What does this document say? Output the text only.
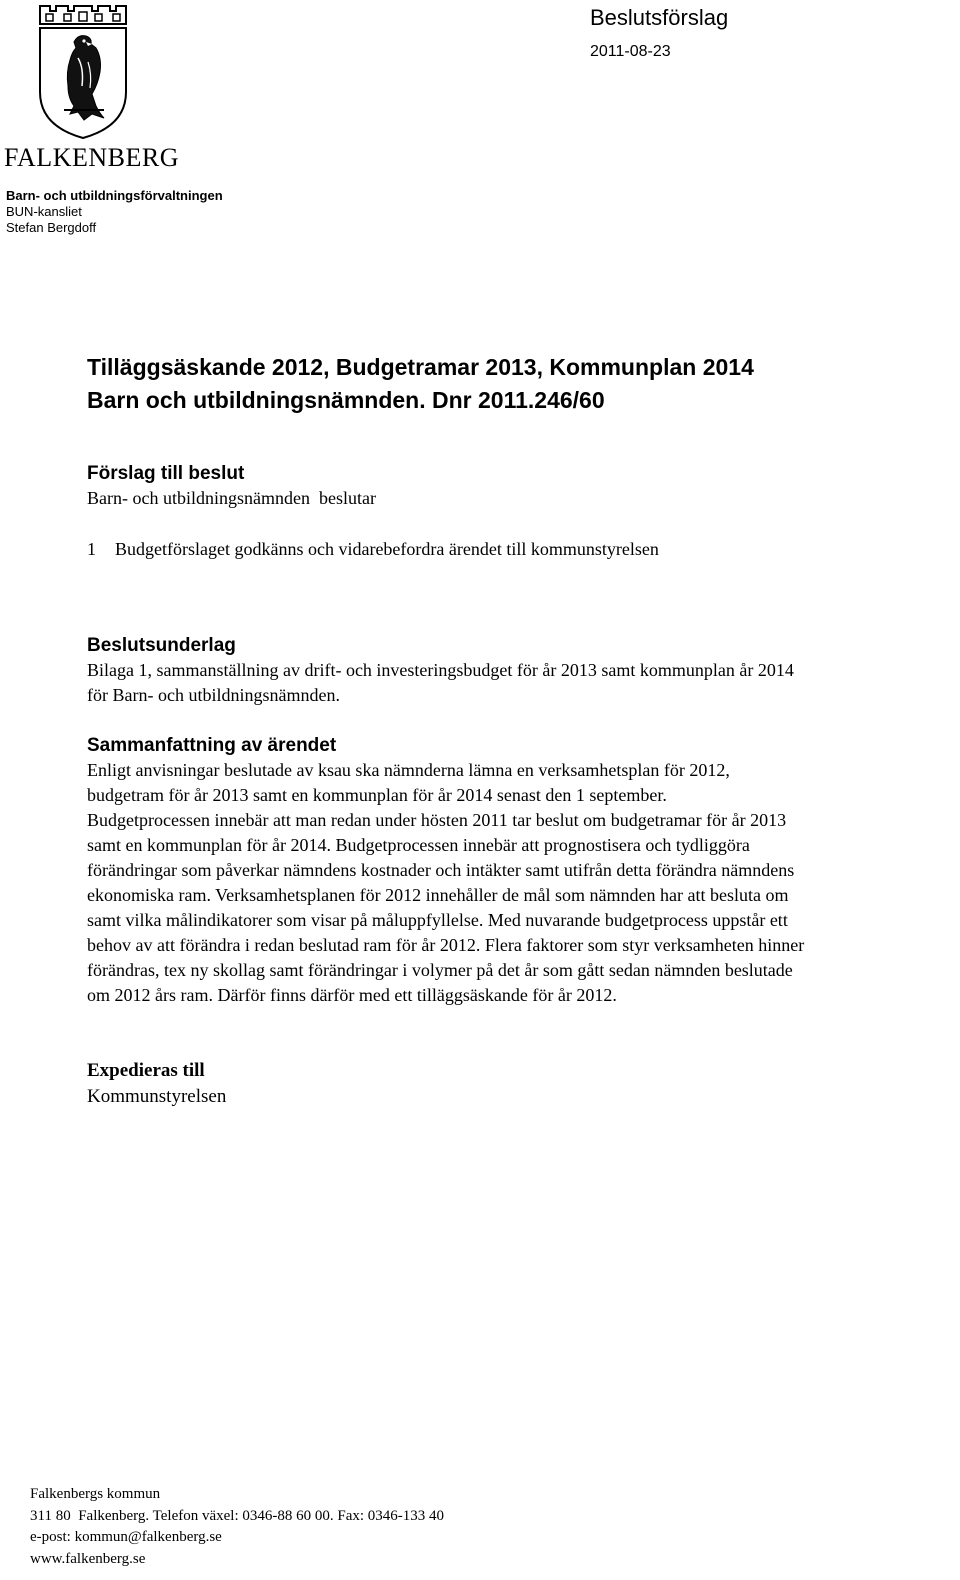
FALKENBERG
Beslutsförslag
2011-08-23
Barn- och utbildningsförvaltningen
BUN-kansliet
Stefan Bergdoff
Tilläggsäskande 2012, Budgetramar 2013, Kommunplan 2014
Barn och utbildningsnämnden. Dnr 2011.246/60
Förslag till beslut
Barn- och utbildningsnämnden  beslutar
1 Budgetförslaget godkänns och vidarebefordra ärendet till kommunstyrelsen
Beslutsunderlag
Bilaga 1, sammanställning av drift- och investeringsbudget för år 2013 samt kommunplan år 2014
för Barn- och utbildningsnämnden.
Sammanfattning av ärendet
Enligt anvisningar beslutade av ksau ska nämnderna lämna en verksamhetsplan för 2012,
budgetram för år 2013 samt en kommunplan för år 2014 senast den 1 september.
Budgetprocessen innebär att man redan under hösten 2011 tar beslut om budgetramar för år 2013
samt en kommunplan för år 2014. Budgetprocessen innebär att prognostisera och tydliggöra
förändringar som påverkar nämndens kostnader och intäkter samt utifrån detta förändra nämndens
ekonomiska ram. Verksamhetsplanen för 2012 innehåller de mål som nämnden har att besluta om
samt vilka målindikatorer som visar på måluppfyllelse. Med nuvarande budgetprocess uppstår ett
behov av att förändra i redan beslutad ram för år 2012. Flera faktorer som styr verksamheten hinner
förändras, tex ny skollag samt förändringar i volymer på det år som gått sedan nämnden beslutade
om 2012 års ram. Därför finns därför med ett tilläggsäskande för år 2012.
Expedieras till
Kommunstyrelsen
Falkenbergs kommun
311 80  Falkenberg. Telefon växel: 0346-88 60 00. Fax: 0346-133 40
e-post: kommun@falkenberg.se
www.falkenberg.se
